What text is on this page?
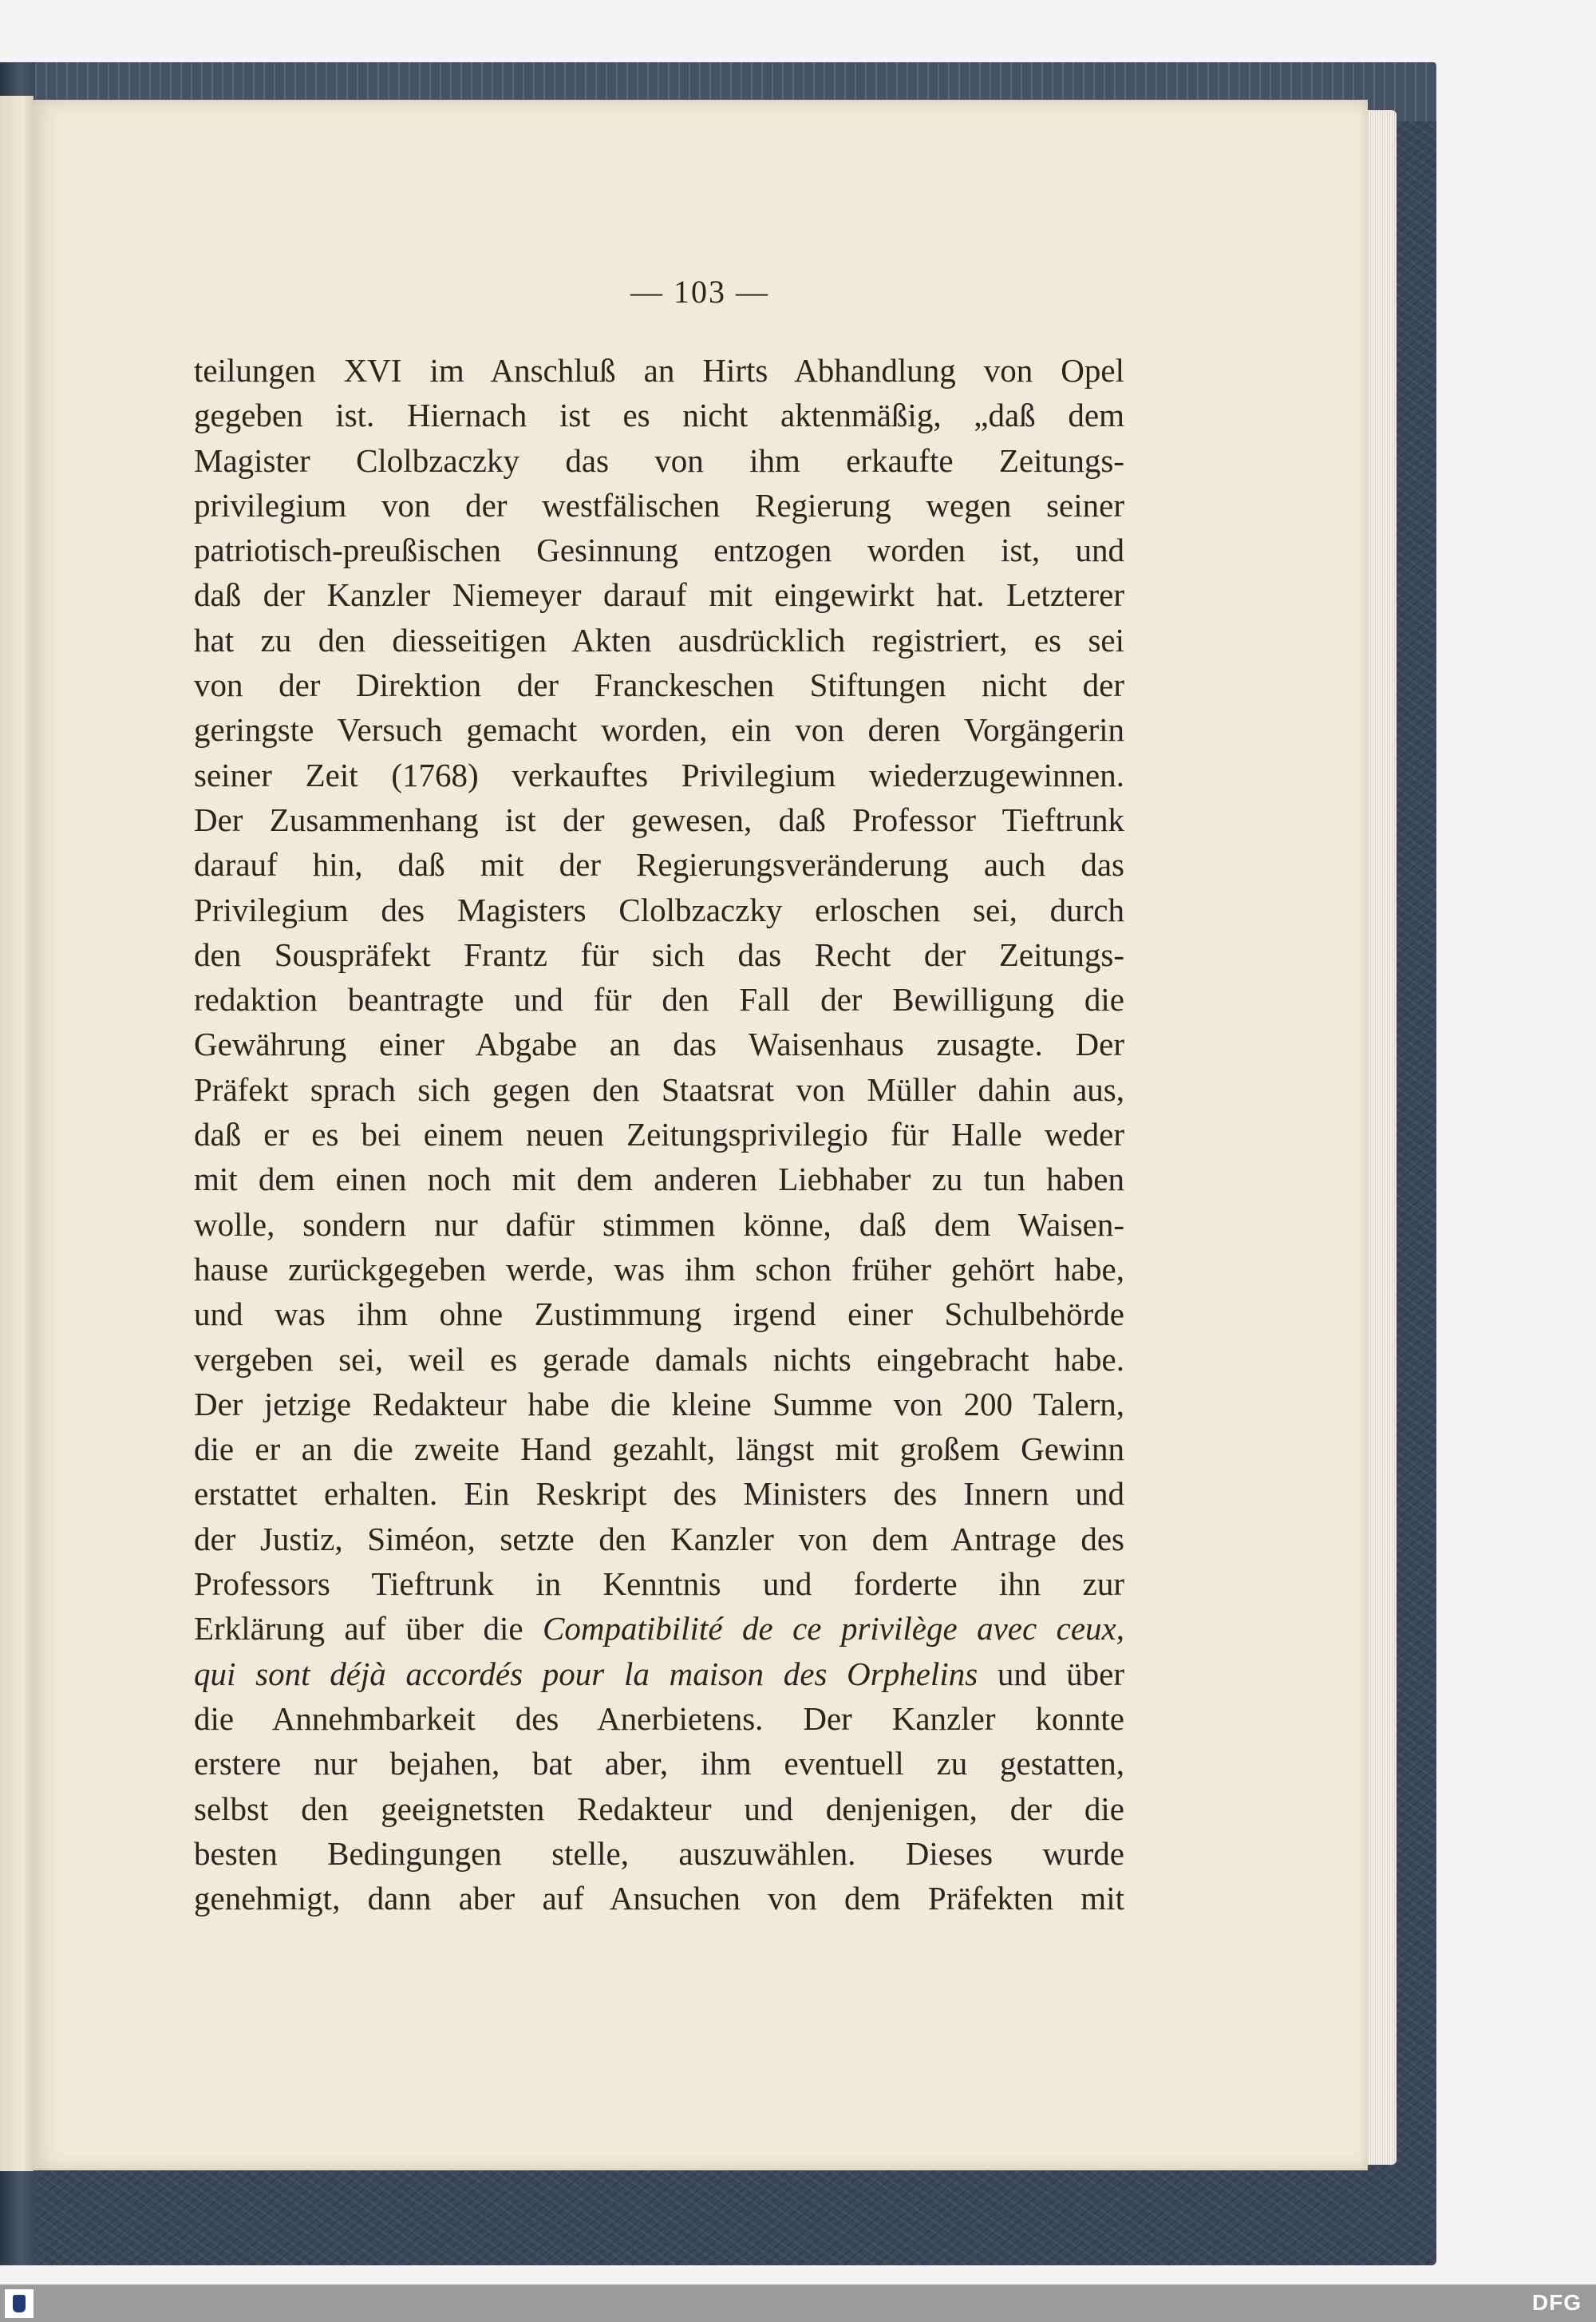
— 103 —
teilungen XVI im Anschluß an Hirts Abhandlung von Opel
gegeben ist. Hiernach ist es nicht aktenmäßig, „daß dem
Magister Clolbzaczky das von ihm erkaufte Zeitungs-
privilegium von der westfälischen Regierung wegen seiner
patriotisch-preußischen Gesinnung entzogen worden ist, und
daß der Kanzler Niemeyer darauf mit eingewirkt hat. Letzterer
hat zu den diesseitigen Akten ausdrücklich registriert, es sei
von der Direktion der Franckeschen Stiftungen nicht der
geringste Versuch gemacht worden, ein von deren Vorgängerin
seiner Zeit (1768) verkauftes Privilegium wiederzugewinnen.
Der Zusammenhang ist der gewesen, daß Professor Tieftrunk
darauf hin, daß mit der Regierungsveränderung auch das
Privilegium des Magisters Clolbzaczky erloschen sei, durch
den Souspräfekt Frantz für sich das Recht der Zeitungs-
redaktion beantragte und für den Fall der Bewilligung die
Gewährung einer Abgabe an das Waisenhaus zusagte. Der
Präfekt sprach sich gegen den Staatsrat von Müller dahin aus,
daß er es bei einem neuen Zeitungsprivilegio für Halle weder
mit dem einen noch mit dem anderen Liebhaber zu tun haben
wolle, sondern nur dafür stimmen könne, daß dem Waisen-
hause zurückgegeben werde, was ihm schon früher gehört habe,
und was ihm ohne Zustimmung irgend einer Schulbehörde
vergeben sei, weil es gerade damals nichts eingebracht habe.
Der jetzige Redakteur habe die kleine Summe von 200 Talern,
die er an die zweite Hand gezahlt, längst mit großem Gewinn
erstattet erhalten. Ein Reskript des Ministers des Innern und
der Justiz, Siméon, setzte den Kanzler von dem Antrage des
Professors Tieftrunk in Kenntnis und forderte ihn zur
Erklärung auf über die Compatibilité de ce privilège avec ceux,
qui sont déjà accordés pour la maison des Orphelins und über
die Annehmbarkeit des Anerbietens. Der Kanzler konnte
erstere nur bejahen, bat aber, ihm eventuell zu gestatten,
selbst den geeignetsten Redakteur und denjenigen, der die
besten Bedingungen stelle, auszuwählen. Dieses wurde
genehmigt, dann aber auf Ansuchen von dem Präfekten mit
DFG
